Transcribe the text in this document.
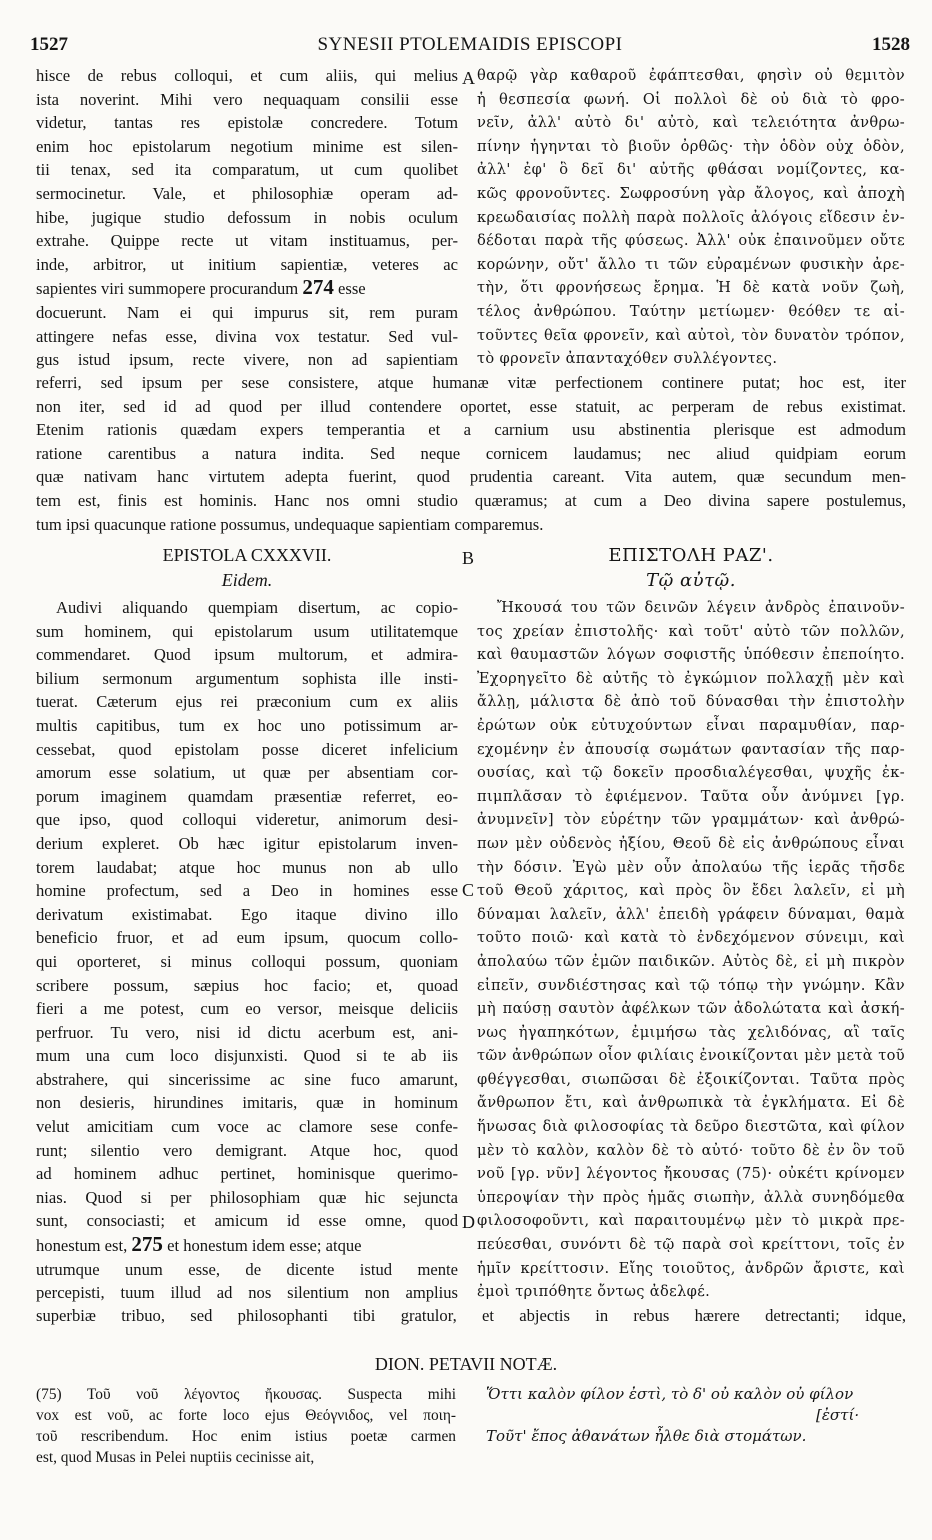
1527	SYNESII PTOLEMAIDIS EPISCOPI	1528
hisce de rebus colloqui, et cum aliis, qui melius
ista noverint. Mihi vero nequaquam consilii esse
videtur, tantas res epistolæ concredere. Totum
enim hoc epistolarum negotium minime est silen-
tii tenax, sed ita comparatum, ut cum quolibet
sermocinetur. Vale, et philosophiæ operam ad-
hibe, jugique studio defossum in nobis oculum
extrahe. Quippe recte ut vitam instituamus, per-
inde, arbitror, ut initium sapientiæ, veteres ac
sapientes viri summopere procurandum 274 esse
docuerunt. Nam ei qui impurus sit, rem puram
attingere nefas esse, divina vox testatur. Sed vul-
gus istud ipsum, recte vivere, non ad sapientiam
A θαρῷ γὰρ καθαροῦ ἐφάπτεσθαι, φησὶν οὐ θεμιτὸν
ἡ θεσπεσία φωνή. Οἱ πολλοὶ δὲ οὐ διὰ τὸ φρο-
νεῖν, ἀλλ' αὐτὸ δι' αὐτὸ, καὶ τελειότητα ἀνθρω-
πίνην ἡγηνται τὸ βιοῦν ὀρθῶς· τὴν ὁδὸν οὐχ ὁδὸν,
ἀλλ' ἐφ' ὃ δεῖ δι' αὐτῆς φθάσαι νομίζοντες, κα-
κῶς φρονοῦντες. Σωφροσύνη γὰρ ἄλογος, καὶ ἀποχὴ
κρεωδαισίας πολλὴ παρὰ πολλοῖς ἀλόγοις εἴδεσιν ἐν-
δέδοται παρὰ τῆς φύσεως. Ἀλλ' οὐκ ἐπαινοῦμεν οὔτε
κορώνην, οὔτ' ἄλλο τι τῶν εὐραμένων φυσικὴν ἀρε-
τὴν, ὅτι φρονήσεως ἔρημα. Ἡ δὲ κατὰ νοῦν ζωὴ,
τέλος ἀνθρώπου. Ταύτην μετίωμεν· θεόθεν τε αἰ-
τοῦντες θεῖα φρονεῖν, καὶ αὐτοὶ, τὸν δυνατὸν τρόπον,
τὸ φρονεῖν ἀπανταχόθεν συλλέγοντες.
referri, sed ipsum per sese consistere, atque humanæ vitæ perfectionem continere putat; hoc est, iter
non iter, sed id ad quod per illud contendere oportet, esse statuit, ac perperam de rebus existimat.
Etenim rationis quædam expers temperantia et a carnium usu abstinentia plerisque est admodum
ratione carentibus a natura indita. Sed neque cornicem laudamus; nec aliud quidpiam eorum
quæ nativam hanc virtutem adepta fuerint, quod prudentia careant. Vita autem, quæ secundum men-
tem est, finis est hominis. Hanc nos omni studio quæramus; at cum a Deo divina sapere postulemus,
tum ipsi quacunque ratione possumus, undequaque sapientiam comparemus.
EPISTOLA CXXXVII.
Eidem.
B	ΕΠΙΣΤΟΛΗ ΡΑΖ'.
Τῷ αὐτῷ.
Audivi aliquando quempiam disertum, ac copio-
sum hominem, qui epistolarum usum utilitatemque
commendaret. Quod ipsum multorum, et admira-
bilium sermonum argumentum sophista ille insti-
tuerat. Cæterum ejus rei præconium cum ex aliis
multis capitibus, tum ex hoc uno potissimum ar-
cessebat, quod epistolam posse diceret infelicium
amorum esse solatium, ut quæ per absentiam cor-
porum imaginem quamdam præsentiæ referret, eo-
que ipso, quod colloqui videretur, animorum desi-
derium expleret. Ob hæc igitur epistolarum inven-
torem laudabat; atque hoc munus non ab ullo
homine profectum, sed a Deo in homines esse
derivatum existimabat. Ego itaque divino illo
beneficio fruor, et ad eum ipsum, quocum collo-
qui oporteret, si minus colloqui possum, quoniam
scribere possum, sæpius hoc facio; et, quoad
fieri a me potest, cum eo versor, meisque deliciis
perfruor. Tu vero, nisi id dictu acerbum est, ani-
mum una cum loco disjunxisti. Quod si te ab iis
abstrahere, qui sincerissime ac sine fuco amarunt,
non desieris, hirundines imitaris, quæ in hominum
velut amicitiam cum voce ac clamore sese confe-
runt; silentio vero demigrant. Atque hoc, quod
ad hominem adhuc pertinet, hominisque querimo-
nias. Quod si per philosophiam quæ hic sejuncta
sunt, consociasti; et amicum id esse omne, quod
honestum est, 275 et honestum idem esse; atque
utrumque unum esse, de dicente istud mente
percepisti, tuum illud ad nos silentium non amplius
C
D
Ἤκουσά του τῶν δεινῶν λέγειν ἀνδρὸς ἐπαινοῦν-
τος χρείαν ἐπιστολῆς· καὶ τοῦτ' αὐτὸ τῶν πολλῶν,
καὶ θαυμαστῶν λόγων σοφιστῆς ὑπόθεσιν ἐπεποίητο.
Ἐχορηγεῖτο δὲ αὐτῆς τὸ ἐγκώμιον πολλαχῇ μὲν καὶ
ἄλλῃ, μάλιστα δὲ ἀπὸ τοῦ δύνασθαι τὴν ἐπιστολὴν
ἐρώτων οὐκ εὐτυχούντων εἶναι παραμυθίαν, παρ-
εχομένην ἐν ἀπουσίᾳ σωμάτων φαντασίαν τῆς παρ-
ουσίας, καὶ τῷ δοκεῖν προσδιαλέγεσθαι, ψυχῆς ἐκ-
πιμπλᾶσαν τὸ ἐφιέμενον. Ταῦτα οὖν ἀνύμνει [γρ.
ἀνυμνεῖν] τὸν εὑρέτην τῶν γραμμάτων· καὶ ἀνθρώ-
πων μὲν οὐδενὸς ἠξίου, Θεοῦ δὲ εἰς ἀνθρώπους εἶναι
τὴν δόσιν. Ἐγὼ μὲν οὖν ἀπολαύω τῆς ἱερᾶς τῆσδε
τοῦ Θεοῦ χάριτος, καὶ πρὸς ὃν ἔδει λαλεῖν, εἰ μὴ
δύναμαι λαλεῖν, ἀλλ' ἐπειδὴ γράφειν δύναμαι, θαμὰ
τοῦτο ποιῶ· καὶ κατὰ τὸ ἐνδεχόμενον σύνειμι, καὶ
ἀπολαύω τῶν ἐμῶν παιδικῶν. Αὐτὸς δὲ, εἰ μὴ πικρὸν
εἰπεῖν, συνδιέστησας καὶ τῷ τόπῳ τὴν γνώμην. Κἂν
μὴ παύσῃ σαυτὸν ἀφέλκων τῶν ἀδολώτατα καὶ ἀσκή-
νως ἠγαπηκότων, ἐμιμήσω τὰς χελιδόνας, αἳ ταῖς
τῶν ἀνθρώπων οἷον φιλίαις ἐνοικίζονται μὲν μετὰ τοῦ
φθέγγεσθαι, σιωπῶσαι δὲ ἐξοικίζονται. Ταῦτα πρὸς
ἄνθρωπον ἔτι, καὶ ἀνθρωπικὰ τὰ ἐγκλήματα. Εἰ δὲ
ἥνωσας διὰ φιλοσοφίας τὰ δεῦρο διεστῶτα, καὶ φίλον
μὲν τὸ καλὸν, καλὸν δὲ τὸ αὐτό· τοῦτο δὲ ἐν ὃν τοῦ
νοῦ [γρ. νῦν] λέγοντος ἤκουσας (75)· οὐκέτι κρίνομεν
ὑπεροψίαν τὴν πρὸς ἡμᾶς σιωπὴν, ἀλλὰ συνηδόμεθα
φιλοσοφοῦντι, καὶ παραιτουμένῳ μὲν τὸ μικρὰ πρε-
πεύεσθαι, συνόντι δὲ τῷ παρὰ σοὶ κρείττονι, τοῖς ἐν
ἡμῖν κρείττοσιν. Εἴης τοιοῦτος, ἀνδρῶν ἄριστε, καὶ
ἐμοὶ τριπόθητε ὄντως ἀδελφέ.
superbiæ tribuo, sed philosophanti tibi gratulor, et abjectis in rebus hærere detrectanti; idque,
DION. PETAVII NOTÆ.
(75) Τοῦ νοῦ λέγοντος ἤκουσας. Suspecta mihi
vox est νοῦ, ac forte loco ejus Θεόγνιδος, vel ποιη-
τοῦ rescribendum. Hoc enim istius poetæ carmen
est, quod Musas in Pelei nuptiis cecinisse ait,
Ὅττι καλὸν φίλον ἐστὶ, τὸ δ' οὐ καλὸν οὐ φίλον
[ἐστί·
Τοῦτ' ἔπος ἀθανάτων ἦλθε διὰ στομάτων.
